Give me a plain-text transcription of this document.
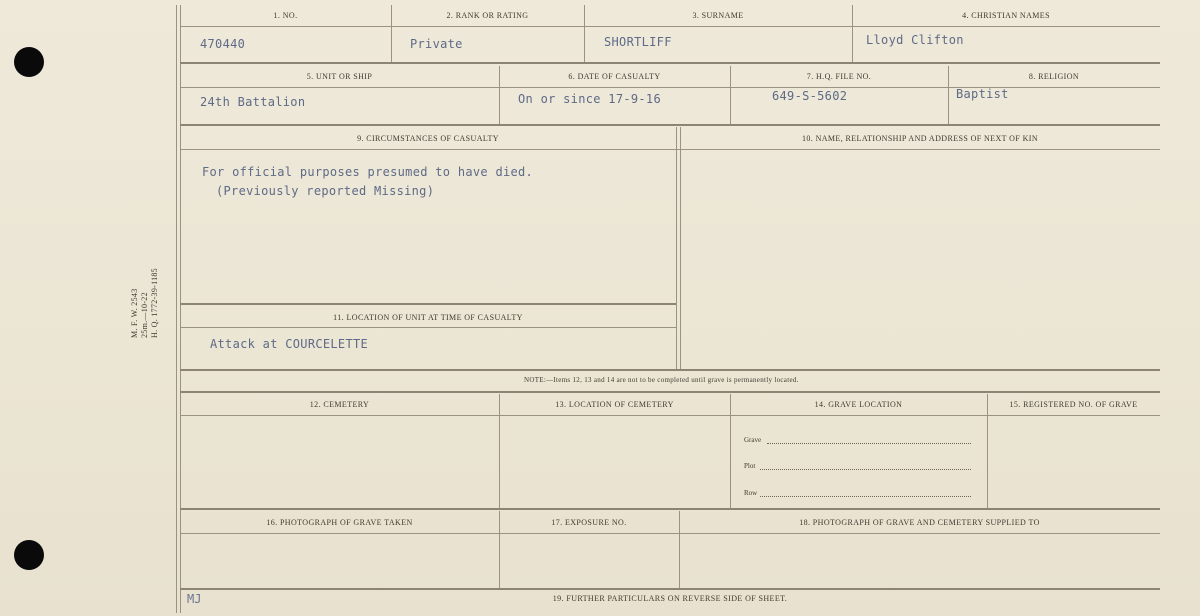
M. F. W. 2543 25m.—10-22 H. Q. 1772-39-1185
1. NO.	2. RANK OR RATING	3. SURNAME	4. CHRISTIAN NAMES
470440	Private	SHORTLIFF	Lloyd Clifton
5. UNIT OR SHIP	6. DATE OF CASUALTY	7. H.Q. FILE NO.	8. RELIGION
24th Battalion	On or since 17-9-16	649-S-5602	Baptist
9. CIRCUMSTANCES OF CASUALTY	10. NAME, RELATIONSHIP AND ADDRESS OF NEXT OF KIN
For official purposes presumed to have died.
(Previously reported Missing)
11. LOCATION OF UNIT AT TIME OF CASUALTY
Attack at COURCELETTE
NOTE:—Items 12, 13 and 14 are not to be completed until grave is permanently located.
12. CEMETERY	13. LOCATION OF CEMETERY	14. GRAVE LOCATION	15. REGISTERED NO. OF GRAVE
Grave
Plot
Row
16. PHOTOGRAPH OF GRAVE TAKEN	17. EXPOSURE NO.	18. PHOTOGRAPH OF GRAVE AND CEMETERY SUPPLIED TO
19. FURTHER PARTICULARS ON REVERSE SIDE OF SHEET.
MJ
